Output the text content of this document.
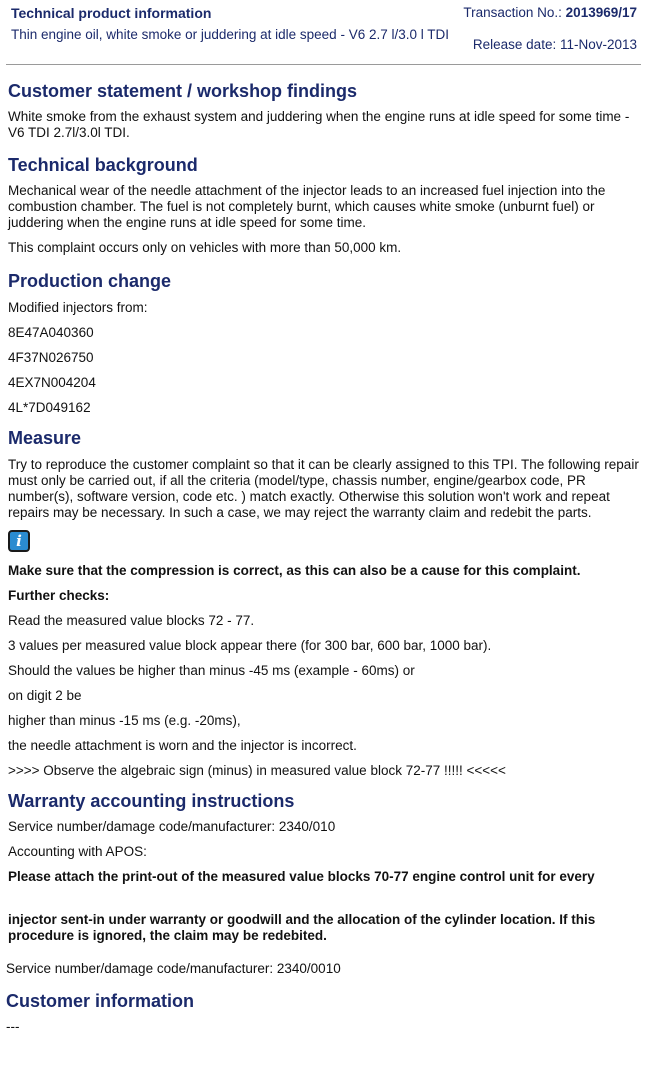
Technical product information	Transaction No.: 2013969/17
Thin engine oil, white smoke or juddering at idle speed - V6 2.7 l/3.0 l TDI
Release date: 11-Nov-2013
Customer statement / workshop findings

White smoke from the exhaust system and juddering when the engine runs at idle speed for some time - V6 TDI 2.7l/3.0l TDI.

Technical background

Mechanical wear of the needle attachment of the injector leads to an increased fuel injection into the combustion chamber. The fuel is not completely burnt, which causes white smoke (unburnt fuel) or juddering when the engine runs at idle speed for some time.

This complaint occurs only on vehicles with more than 50,000 km.

Production change

Modified injectors from:

8E47A040360

4F37N026750

4EX7N004204

4L*7D049162

Measure

Try to reproduce the customer complaint so that it can be clearly assigned to this TPI. The following repair must only be carried out, if all the criteria (model/type, chassis number, engine/gearbox code, PR number(s), software version, code etc. ) match exactly. Otherwise this solution won't work and repeat repairs may be necessary. In such a case, we may reject the warranty claim and redebit the parts.

i

Make sure that the compression is correct, as this can also be a cause for this complaint.

Further checks:

Read the measured value blocks 72 - 77.

3 values per measured value block appear there (for 300 bar, 600 bar, 1000 bar).

Should the values be higher than minus -45 ms (example - 60ms) or

on digit 2 be

higher than minus -15 ms (e.g. -20ms),

the needle attachment is worn and the injector is incorrect.

>>>> Observe the algebraic sign (minus) in measured value block 72-77 !!!!! <<<<<

Warranty accounting instructions

Service number/damage code/manufacturer: 2340/010

Accounting with APOS:

Please attach the print-out of the measured value blocks 70-77 engine control unit for every

injector sent-in under warranty or goodwill and the allocation of the cylinder location. If this procedure is ignored, the claim may be redebited.

Service number/damage code/manufacturer: 2340/0010

Customer information

---
